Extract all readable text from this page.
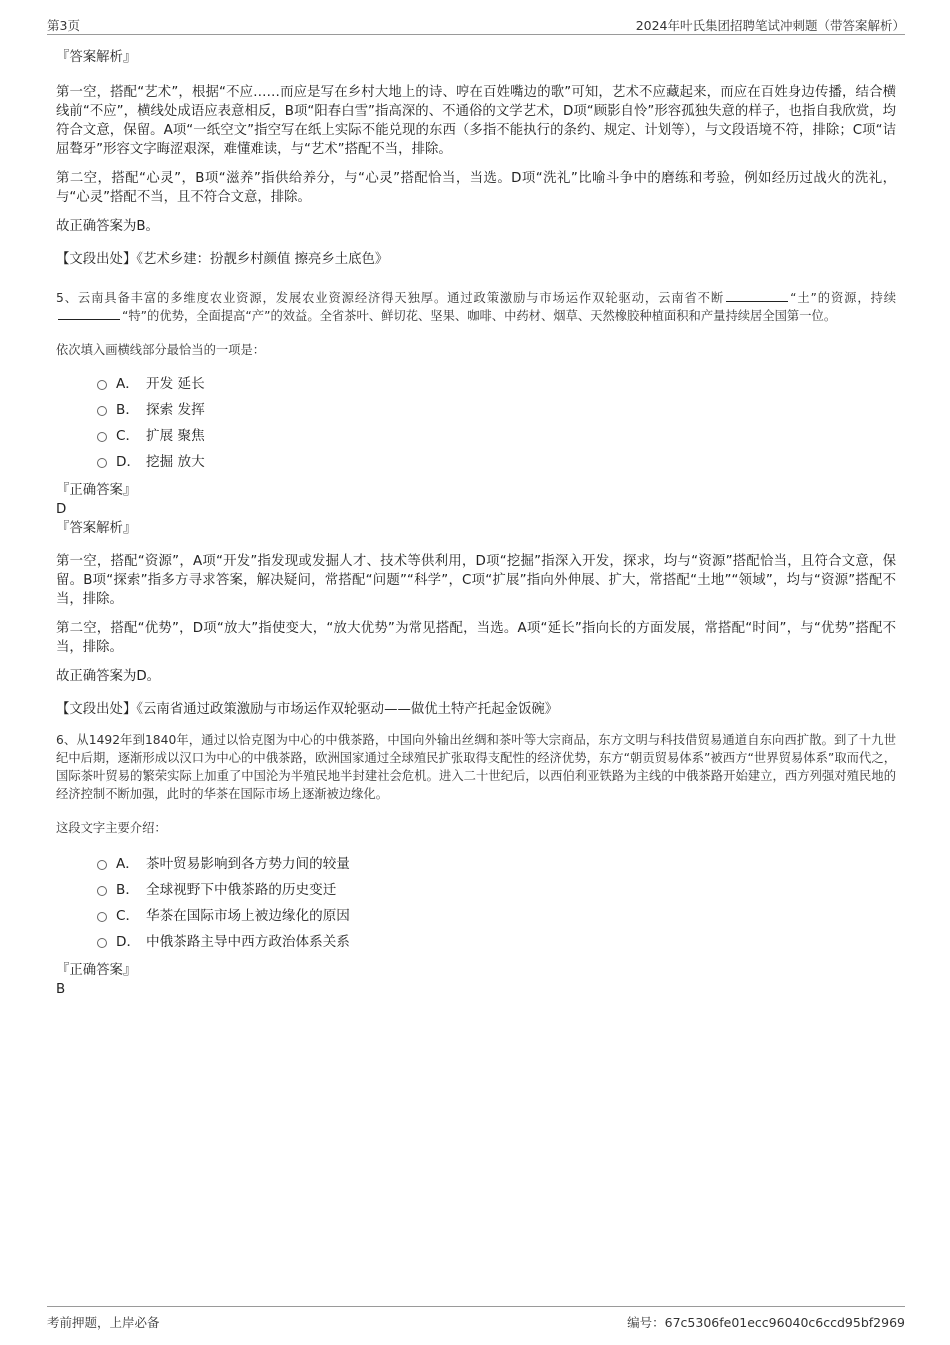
第3页	2024年叶氏集团招聘笔试冲刺题（带答案解析）

『答案解析』

第一空，搭配“艺术”，根据“不应……而应是写在乡村大地上的诗、哼在百姓嘴边的歌”可知，艺术不应藏起来，而应在百姓身边传播，结合横线前“不应”，横线处成语应表意相反，B项“阳春白雪”指高深的、不通俗的文学艺术，D项“顾影自怜”形容孤独失意的样子，也指自我欣赏，均符合文意，保留。A项“一纸空文”指空写在纸上实际不能兑现的东西（多指不能执行的条约、规定、计划等），与文段语境不符，排除；C项“诘屈聱牙”形容文字晦涩艰深，难懂难读，与“艺术”搭配不当，排除。

第二空，搭配“心灵”，B项“滋养”指供给养分，与“心灵”搭配恰当，当选。D项“洗礼”比喻斗争中的磨练和考验，例如经历过战火的洗礼，与“心灵”搭配不当，且不符合文意，排除。

故正确答案为B。

【文段出处】《艺术乡建：扮靓乡村颜值 擦亮乡土底色》

5、云南具备丰富的多维度农业资源，发展农业资源经济得天独厚。通过政策激励与市场运作双轮驱动，云南省不断	“土”的资源，持续“特”的优势，全面提高“产”的效益。全省茶叶、鲜切花、坚果、咖啡、中药材、烟草、天然橡胶种植面积和产量持续居全国第一位。

依次填入画横线部分最恰当的一项是：

A． 开发 延长
B． 探索 发挥
C． 扩展 聚焦
D． 挖掘 放大

『正确答案』

D

『答案解析』

第一空，搭配“资源”，A项“开发”指发现或发掘人才、技术等供利用，D项“挖掘”指深入开发，探求，均与“资源”搭配恰当，且符合文意，保留。B项“探索”指多方寻求答案，解决疑问，常搭配“问题”“科学”，C项“扩展”指向外伸展、扩大，常搭配“土地”“领域”，均与“资源”搭配不当，排除。

第二空，搭配“优势”，D项“放大”指使变大，“放大优势”为常见搭配，当选。A项“延长”指向长的方面发展，常搭配“时间”，与“优势”搭配不当，排除。

故正确答案为D。

【文段出处】《云南省通过政策激励与市场运作双轮驱动——做优土特产托起金饭碗》

6、从1492年到1840年，通过以恰克图为中心的中俄茶路，中国向外输出丝绸和茶叶等大宗商品，东方文明与科技借贸易通道自东向西扩散。到了十九世纪中后期，逐渐形成以汉口为中心的中俄茶路，欧洲国家通过全球殖民扩张取得支配性的经济优势，东方“朝贡贸易体系”被西方“世界贸易体系”取而代之，国际茶叶贸易的繁荣实际上加重了中国沦为半殖民地半封建社会危机。进入二十世纪后，以西伯利亚铁路为主线的中俄茶路开始建立，西方列强对殖民地的经济控制不断加强，此时的华茶在国际市场上逐渐被边缘化。

这段文字主要介绍：

A． 茶叶贸易影响到各方势力间的较量
B． 全球视野下中俄茶路的历史变迁
C． 华茶在国际市场上被边缘化的原因
D． 中俄茶路主导中西方政治体系关系

『正确答案』

B

考前押题，上岸必备	编号：67c5306fe01ecc96040c6ccd95bf2969
